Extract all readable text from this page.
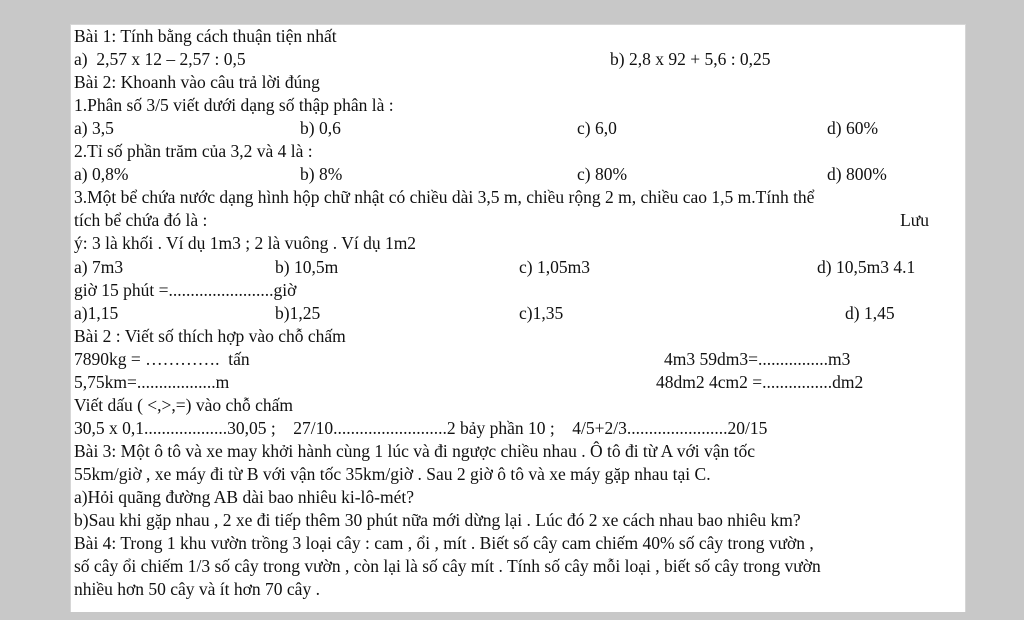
Bài 1: Tính bằng cách thuận tiện nhất

a)  2,57 x 12 – 2,57 : 0,5

	b) 2,8 x 92 + 5,6 : 0,25

Bài 2: Khoanh vào câu trả lời đúng
1.Phân số 3/5 viết dưới dạng số thập phân là :

a) 3,5

	b) 0,6

	c) 6,0

	d) 60%

2.Tỉ số phần trăm của 3,2 và 4 là :

a) 0,8%

	b) 8%

	c) 80%

	d) 800%

3.Một bể chứa nước dạng hình hộp chữ nhật có chiều dài 3,5 m, chiều rộng 2 m, chiều cao 1,5 m.Tính thể

tích bể chứa đó là :

	Lưu

ý: 3 là khối . Ví dụ 1m3 ; 2 là vuông . Ví dụ 1m2

a) 7m3

	b) 10,5m

	c) 1,05m3

	d) 10,5m3 4.1

giờ 15 phút =........................giờ

a)1,15

	b)1,25

	c)1,35

	d) 1,45

Bài 2 : Viết số thích hợp vào chỗ chấm

7890kg = ………….  tấn

	4m3 59dm3=................m3

5,75km=..................m

	48dm2 4cm2 =................dm2

Viết dấu ( <,>,=) vào chỗ chấm
30,5 x 0,1...................30,05 ;    27/10..........................2 bảy phần 10 ;    4/5+2/3.......................20/15
Bài 3: Một ô tô và xe may khởi hành cùng 1 lúc và đi ngược chiều nhau . Ô tô đi từ A với vận tốc
55km/giờ , xe máy đi từ B với vận tốc 35km/giờ . Sau 2 giờ ô tô và xe máy gặp nhau tại C.
a)Hỏi quãng đường AB dài bao nhiêu ki-lô-mét?
b)Sau khi gặp nhau , 2 xe đi tiếp thêm 30 phút nữa mới dừng lại . Lúc đó 2 xe cách nhau bao nhiêu km?
Bài 4: Trong 1 khu vườn trồng 3 loại cây : cam , ổi , mít . Biết số cây cam chiếm 40% số cây trong vườn ,
số cây ổi chiếm 1/3 số cây trong vườn , còn lại là số cây mít . Tính số cây mỗi loại , biết số cây trong vườn
nhiều hơn 50 cây và ít hơn 70 cây .
